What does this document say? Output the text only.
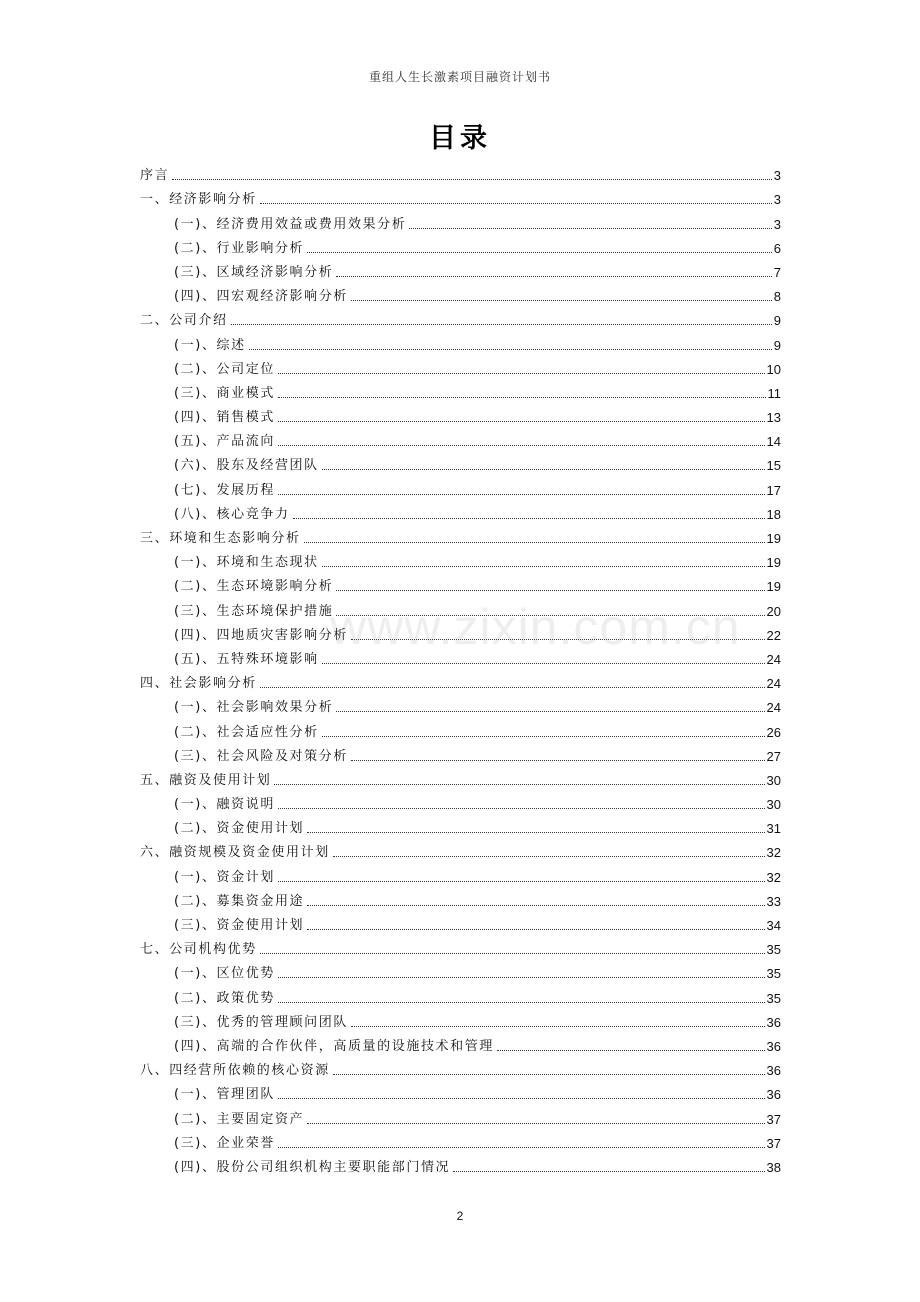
重组人生长激素项目融资计划书
目录
序言	3
一、经济影响分析	3
(一)、经济费用效益或费用效果分析	3
(二)、行业影响分析	6
(三)、区域经济影响分析	7
(四)、四宏观经济影响分析	8
二、公司介绍	9
(一)、综述	9
(二)、公司定位	10
(三)、商业模式	11
(四)、销售模式	13
(五)、产品流向	14
(六)、股东及经营团队	15
(七)、发展历程	17
(八)、核心竞争力	18
三、环境和生态影响分析	19
(一)、环境和生态现状	19
(二)、生态环境影响分析	19
(三)、生态环境保护措施	20
(四)、四地质灾害影响分析	22
(五)、五特殊环境影响	24
四、社会影响分析	24
(一)、社会影响效果分析	24
(二)、社会适应性分析	26
(三)、社会风险及对策分析	27
五、融资及使用计划	30
(一)、融资说明	30
(二)、资金使用计划	31
六、融资规模及资金使用计划	32
(一)、资金计划	32
(二)、募集资金用途	33
(三)、资金使用计划	34
七、公司机构优势	35
(一)、区位优势	35
(二)、政策优势	35
(三)、优秀的管理顾问团队	36
(四)、高端的合作伙伴，高质量的设施技术和管理	36
八、四经营所依赖的核心资源	36
(一)、管理团队	36
(二)、主要固定资产	37
(三)、企业荣誉	37
(四)、股份公司组织机构主要职能部门情况	38
www.zixin.com.cn
2
